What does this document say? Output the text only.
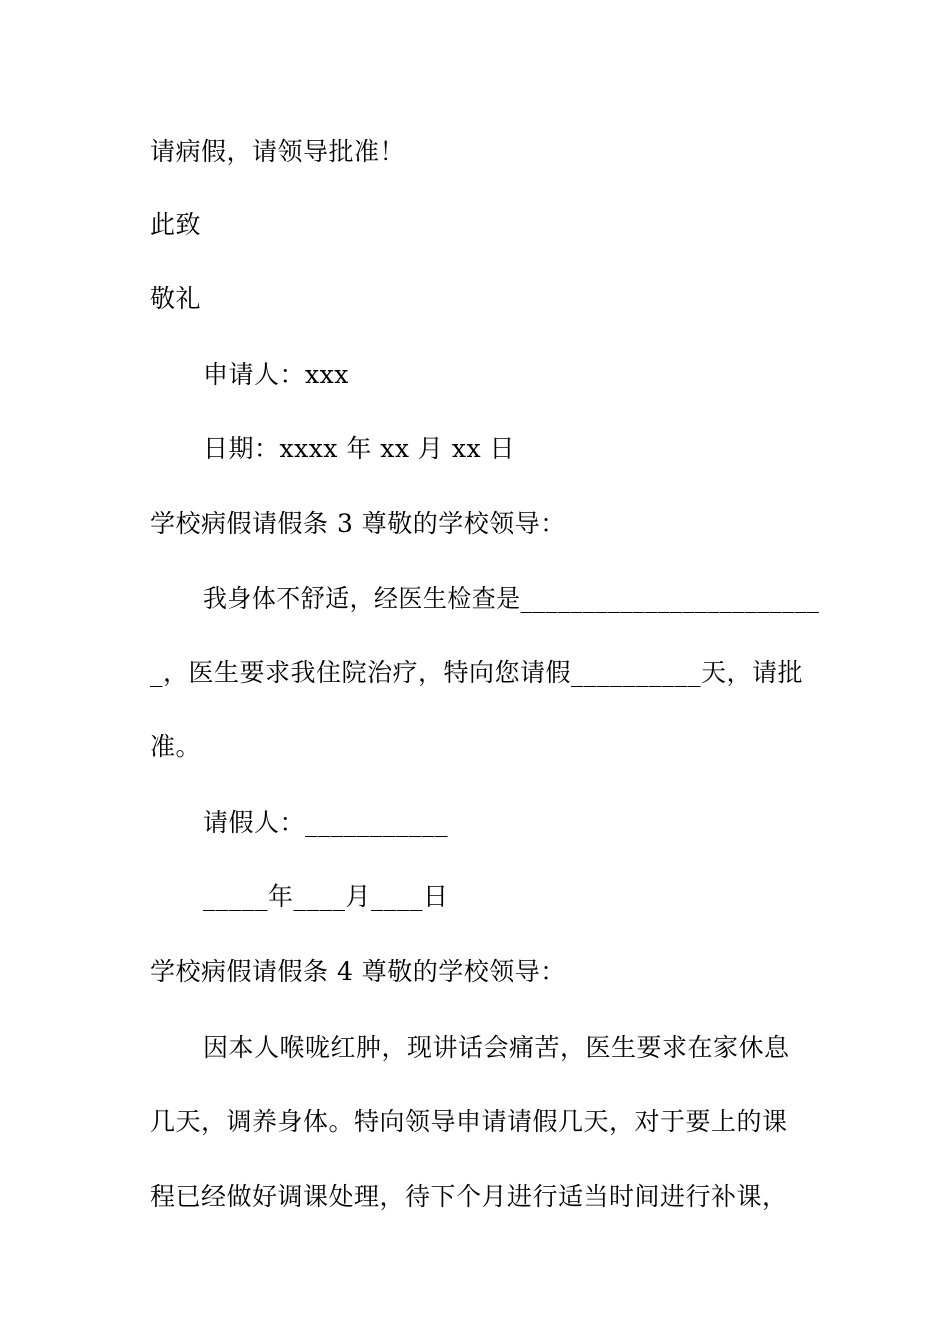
请病假，请领导批准！
此致
敬礼
申请人：xxx
日期：xxxx 年 xx 月 xx 日
学校病假请假条 3 尊敬的学校领导：
我身体不舒适，经医生检查是________________________
_，医生要求我住院治疗，特向您请假__________天，请批
准。
请假人：___________
_____年____月____日
学校病假请假条 4 尊敬的学校领导：
因本人喉咙红肿，现讲话会痛苦，医生要求在家休息
几天，调养身体。特向领导申请请假几天，对于要上的课
程已经做好调课处理，待下个月进行适当时间进行补课，
